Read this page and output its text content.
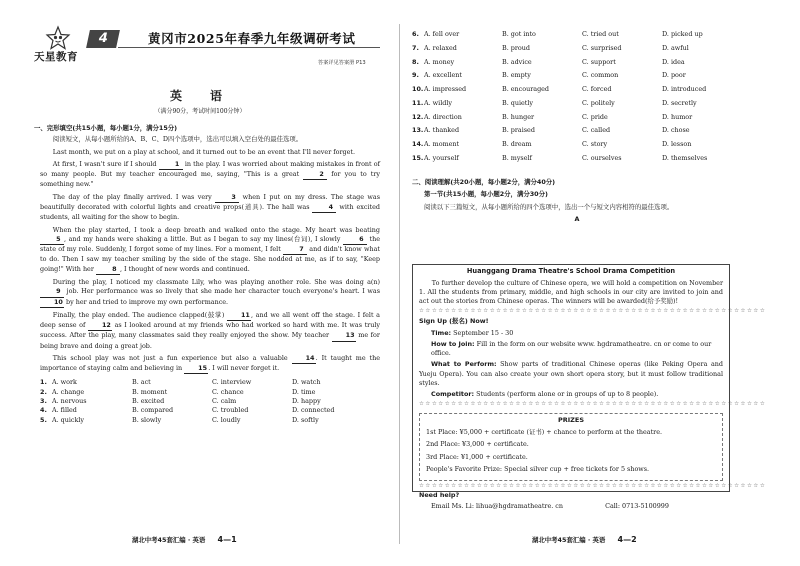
天星教育
4	黄冈市2025年春季九年级调研考试
答案详见答案册 P13
英　语
（满分90分，考试时间100分钟）
一、完形填空(共15小题，每小题1分，满分15分)
阅读短文，从每小题所给的A、B、C、D四个选项中，选出可以填入空白处的最佳选项。

Last month, we put on a play at school, and it turned out to be an event that I'll never forget.

At first, I wasn't sure if I should	1 in the play. I was worried about making mistakes in front of so many people. But my teacher encouraged me, saying, "This is a great	2 for you to try something new."

The day of the play finally arrived. I was very	3 when I put on my dress. The stage was beautifully decorated with colorful lights and creative props(道具). The hall was	4 with excited students, all waiting for the show to begin.

When the play started, I took a deep breath and walked onto the stage. My heart was beating 5 , and my hands were shaking a little. But as I began to say my lines(台词), I slowly	6 the state of my role. Suddenly, I forgot some of my lines. For a moment, I felt	7 and didn't know what to do. Then I saw my teacher smiling by the side of the stage. She nodded at me, as if to say, "Keep going!" With her	8 , I thought of new words and continued.

During the play, I noticed my classmate Lily, who was playing another role. She was doing a(n) 9 job. Her performance was so lively that she made her character touch everyone's heart. I was 10 by her and tried to improve my own performance.

Finally, the play ended. The audience clapped(鼓掌)	11, and we all went off the stage. I felt a deep sense of	12 as I looked around at my friends who had worked so hard with me. It was truly success. After the play, many classmates said they really enjoyed the show. My teacher	13 me for being brave and doing a great job.

This school play was not just a fun experience but also a valuable	14. It taught me the importance of staying calm and believing in 15. I will never forget it.

1. A. work	B. act	C. interview	D. watch
2. A. change	B. moment	C. chance	D. time
3. A. nervous	B. excited	C. calm	D. happy
4. A. filled	B. compared	C. troubled	D. connected
5. A. quickly	B. slowly	C. loudly	D. softly
湖北中考45套汇编 · 英语 4—1
6. A. fell over	B. got into	C. tried out	D. picked up
7. A. relaxed	B. proud	C. surprised	D. awful
8. A. money	B. advice	C. support	D. idea
9. A. excellent	B. empty	C. common	D. poor
10. A. impressed	B. encouraged	C. forced	D. introduced
11. A. wildly	B. quietly	C. politely	D. secretly
12. A. direction	B. hunger	C. pride	D. humor
13. A. thanked	B. praised	C. called	D. chose
14. A. moment	B. dream	C. story	D. lesson
15. A. yourself	B. myself	C. ourselves	D. themselves
二、阅读理解(共20小题，每小题2分，满分40分)
第一节(共15小题，每小题2分，满分30分)
阅读以下三篇短文，从每小题所给的四个选项中，选出一个与短文内容相符的最佳选项。
A
Huanggang Drama Theatre's School Drama Competition
To further develop the culture of Chinese opera, we will hold a competition on November 1. All the students from primary, middle, and high schools in our city are invited to join and act out the stories from Chinese operas. The winners will be awarded(给予奖励)!
☆☆☆☆☆☆☆☆☆☆☆☆☆☆☆☆☆☆☆☆☆☆☆☆☆☆☆☆☆☆☆☆☆☆☆☆☆☆☆☆☆☆☆☆☆☆☆☆☆☆☆☆☆☆
Sign Up (报名) Now!
Time: September 15 - 30
How to Join: Fill in the form on our website www. hgdramatheatre. cn or come to our office.
What to Perform: Show parts of traditional Chinese operas (like Peking Opera and Yueju Opera). You can also create your own short opera story, but it must follow traditional styles.
Competitor: Students (perform alone or in groups of up to 8 people).
☆☆☆☆☆☆☆☆☆☆☆☆☆☆☆☆☆☆☆☆☆☆☆☆☆☆☆☆☆☆☆☆☆☆☆☆☆☆☆☆☆☆☆☆☆☆☆☆☆☆☆☆☆☆
PRIZES
1st Place: ¥5,000 + certificate (证书) + chance to perform at the theatre.
2nd Place: ¥3,000 + certificate.
3rd Place: ¥1,000 + certificate.
People's Favorite Prize: Special silver cup + free tickets for 5 shows.
☆☆☆☆☆☆☆☆☆☆☆☆☆☆☆☆☆☆☆☆☆☆☆☆☆☆☆☆☆☆☆☆☆☆☆☆☆☆☆☆☆☆☆☆☆☆☆☆☆☆☆☆☆☆
Need help?
Email Ms. Li: lihua@hgdramatheatre. cn	Call: 0713-5100999
湖北中考45套汇编 · 英语 4—2
